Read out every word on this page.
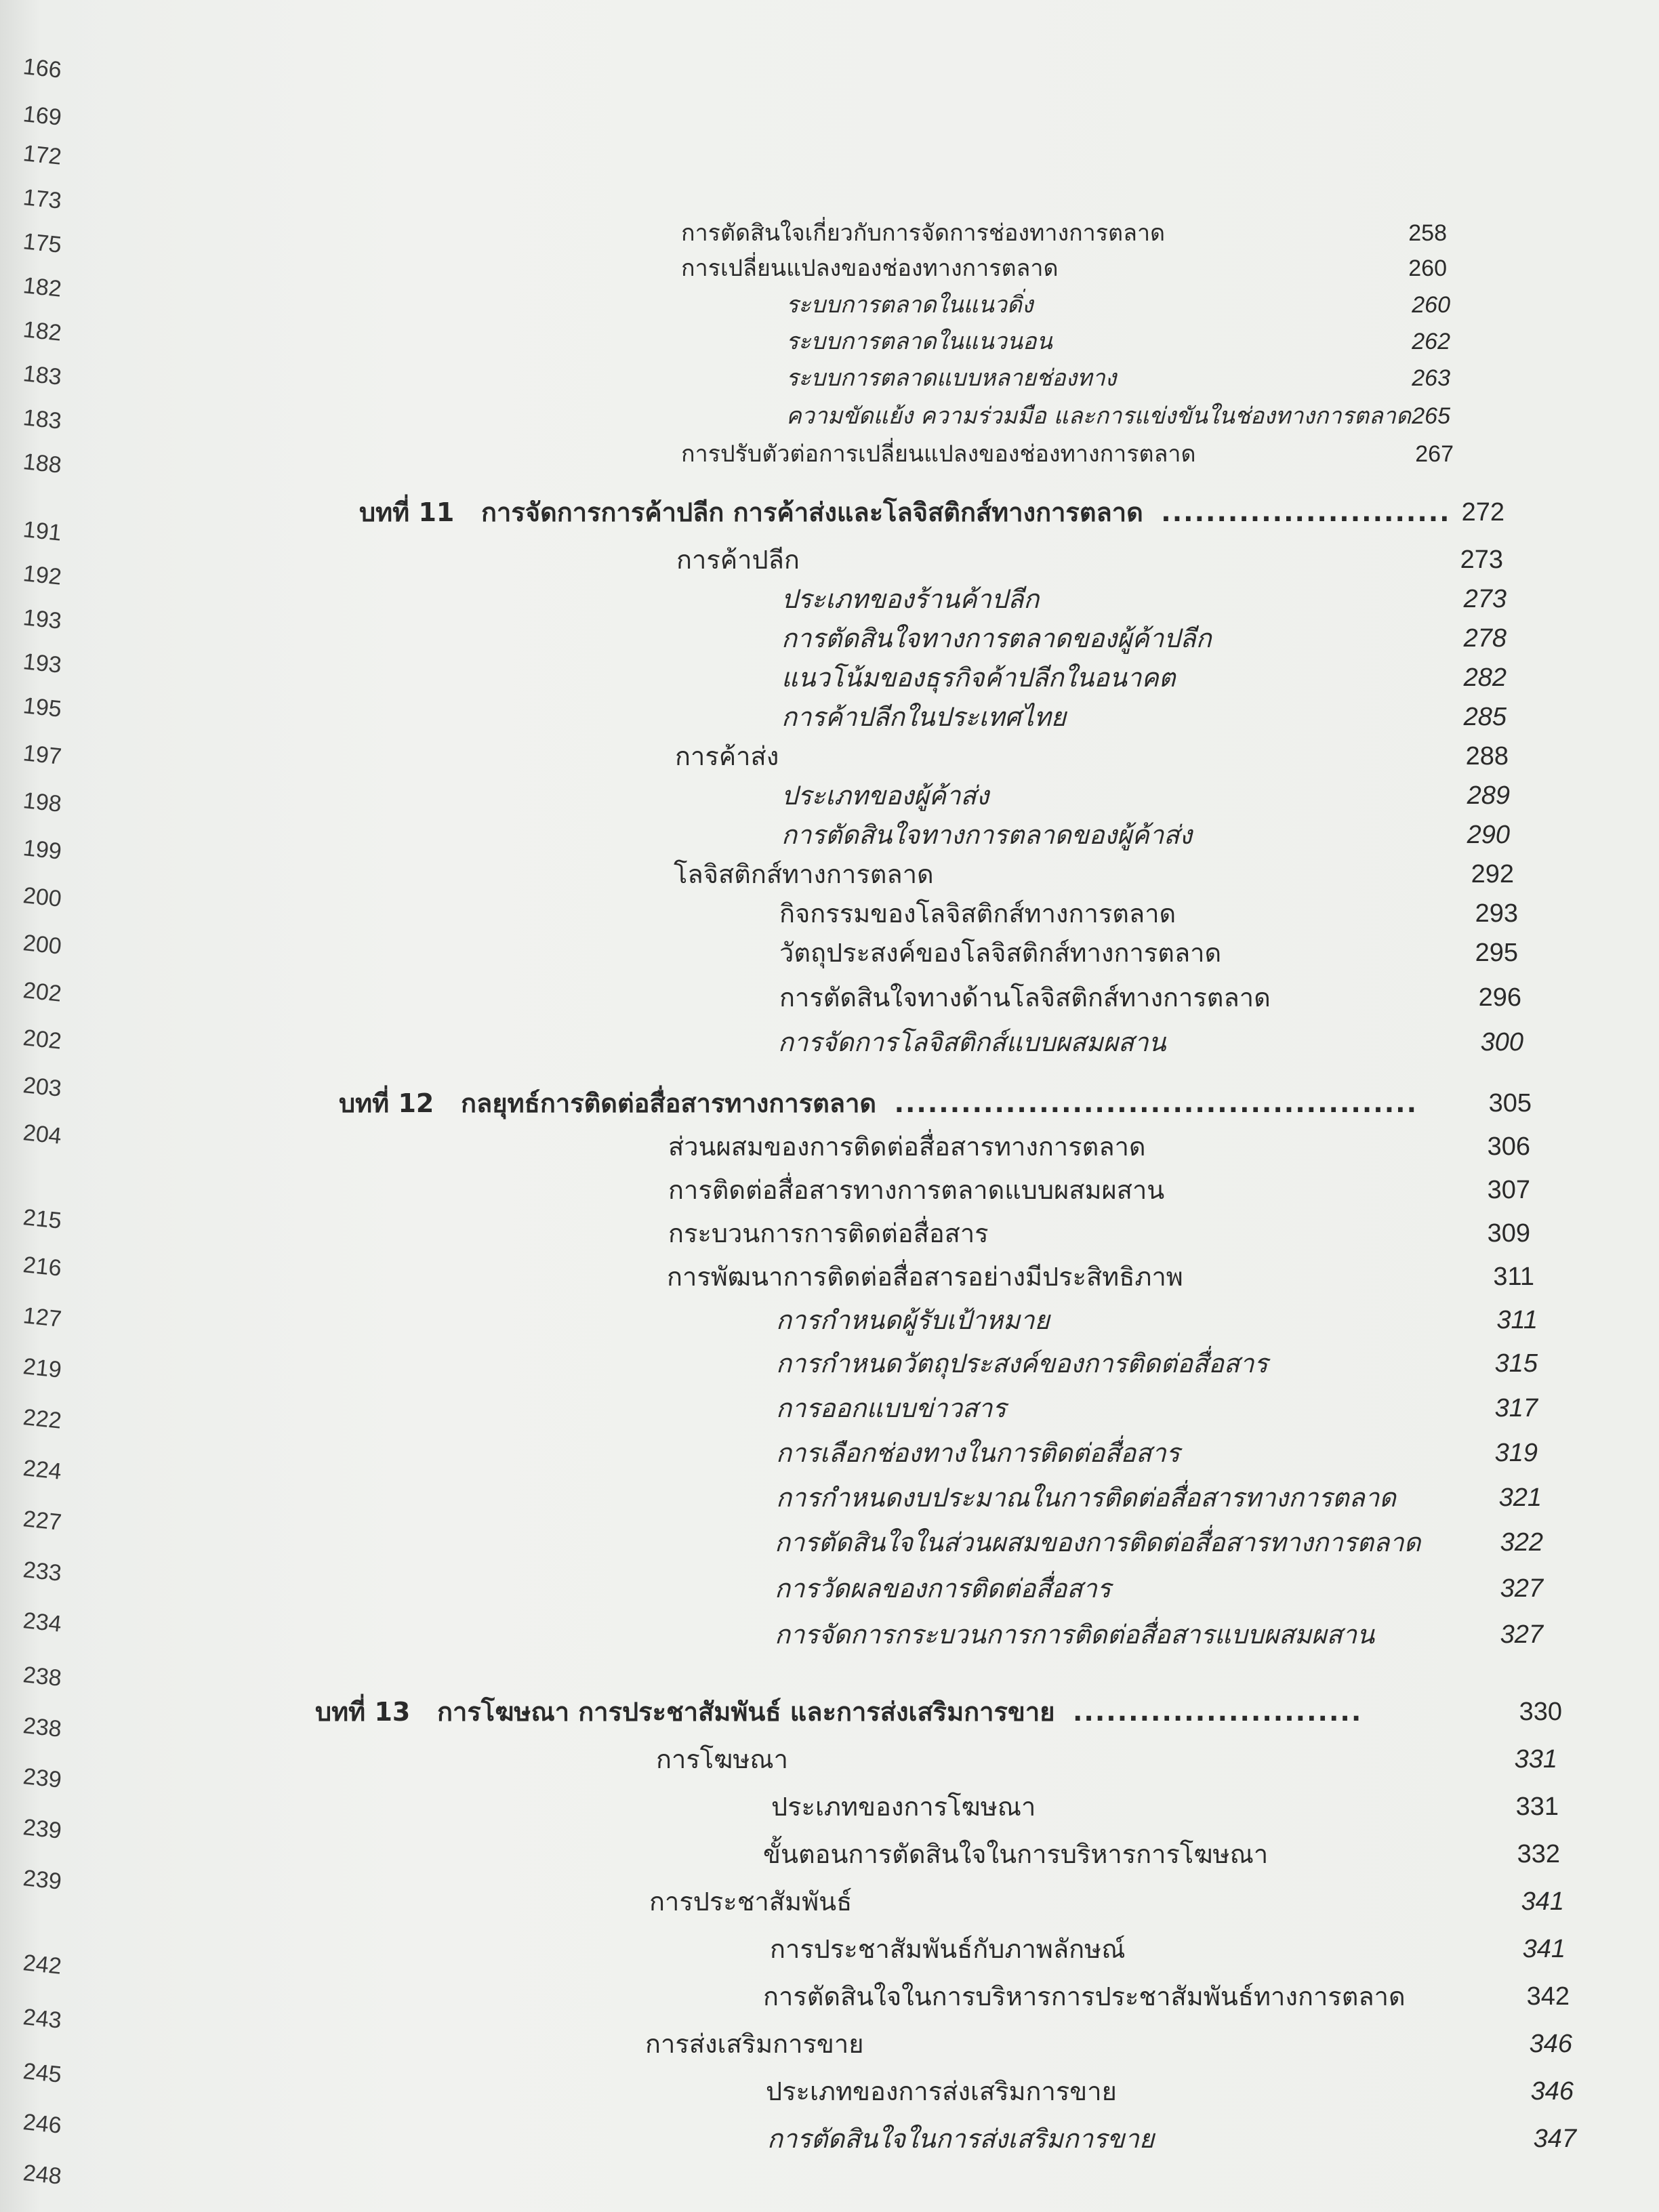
166
169
172
173
175
182
182
183
183
188
191
192
193
193
195
197
198
199
200
200
202
202
203
204
215
216
127
219
222
224
227
233
234
238
238
239
239
239
242
243
245
246
248
การตัดสินใจเกี่ยวกับการจัดการช่องทางการตลาด	258
การเปลี่ยนแปลงของช่องทางการตลาด	260
ระบบการตลาดในแนวดิ่ง	260
ระบบการตลาดในแนวนอน	262
ระบบการตลาดแบบหลายช่องทาง	263
ความขัดแย้ง ความร่วมมือ และการแข่งขันในช่องทางการตลาด 265
การปรับตัวต่อการเปลี่ยนแปลงของช่องทางการตลาด	267
บทที่ 11 การจัดการการค้าปลีก การค้าส่งและโลจิสติกส์ทางการตลาด .......................... 272
การค้าปลีก	273
ประเภทของร้านค้าปลีก	273
การตัดสินใจทางการตลาดของผู้ค้าปลีก	278
แนวโน้มของธุรกิจค้าปลีกในอนาคต	282
การค้าปลีกในประเทศไทย	285
การค้าส่ง	288
ประเภทของผู้ค้าส่ง	289
การตัดสินใจทางการตลาดของผู้ค้าส่ง	290
โลจิสติกส์ทางการตลาด	292
กิจกรรมของโลจิสติกส์ทางการตลาด	293
วัตถุประสงค์ของโลจิสติกส์ทางการตลาด	295
การตัดสินใจทางด้านโลจิสติกส์ทางการตลาด	296
การจัดการโลจิสติกส์แบบผสมผสาน	300
บทที่ 12 กลยุทธ์การติดต่อสื่อสารทางการตลาด ...............................................	305
ส่วนผสมของการติดต่อสื่อสารทางการตลาด	306
การติดต่อสื่อสารทางการตลาดแบบผสมผสาน	307
กระบวนการการติดต่อสื่อสาร	309
การพัฒนาการติดต่อสื่อสารอย่างมีประสิทธิภาพ	311
การกำหนดผู้รับเป้าหมาย	311
การกำหนดวัตถุประสงค์ของการติดต่อสื่อสาร	315
การออกแบบข่าวสาร	317
การเลือกช่องทางในการติดต่อสื่อสาร	319
การกำหนดงบประมาณในการติดต่อสื่อสารทางการตลาด	321
การตัดสินใจในส่วนผสมของการติดต่อสื่อสารทางการตลาด	322
การวัดผลของการติดต่อสื่อสาร	327
การจัดการกระบวนการการติดต่อสื่อสารแบบผสมผสาน	327
บทที่ 13 การโฆษณา การประชาสัมพันธ์ และการส่งเสริมการขาย ..........................	330
การโฆษณา	331
ประเภทของการโฆษณา	331
ขั้นตอนการตัดสินใจในการบริหารการโฆษณา	332
การประชาสัมพันธ์	341
การประชาสัมพันธ์กับภาพลักษณ์	341
การตัดสินใจในการบริหารการประชาสัมพันธ์ทางการตลาด	342
การส่งเสริมการขาย	346
ประเภทของการส่งเสริมการขาย	346
การตัดสินใจในการส่งเสริมการขาย	347
